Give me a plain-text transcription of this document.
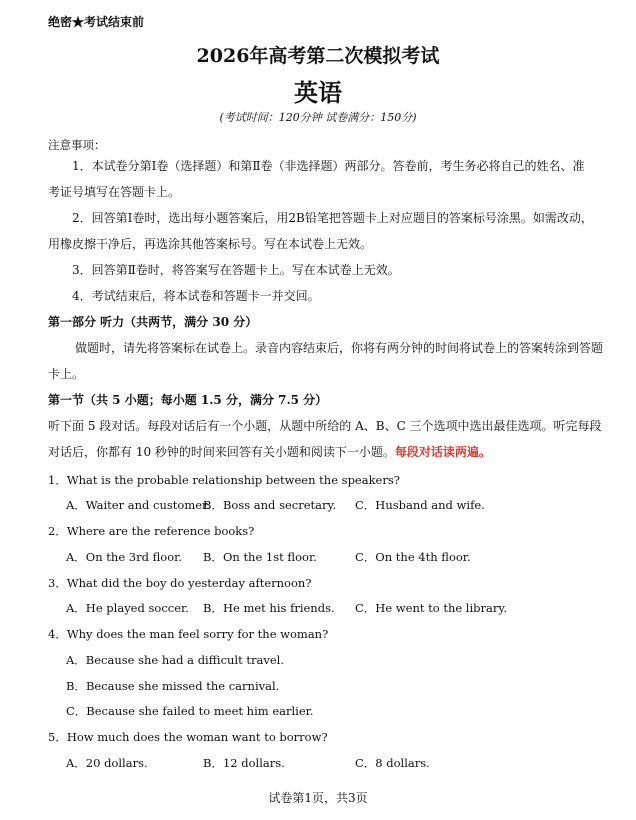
绝密★考试结束前
2026年高考第二次模拟考试
英语
(考试时间：120分钟 试卷满分：150分)
注意事项：
1．本试卷分第Ⅰ卷（选择题）和第Ⅱ卷（非选择题）两部分。答卷前，考生务必将自己的姓名、准
考证号填写在答题卡上。
2．回答第Ⅰ卷时，选出每小题答案后，用2B铅笔把答题卡上对应题目的答案标号涂黑。如需改动，
用橡皮擦干净后，再选涂其他答案标号。写在本试卷上无效。
3．回答第Ⅱ卷时，将答案写在答题卡上。写在本试卷上无效。
4．考试结束后，将本试卷和答题卡一并交回。
第一部分 听力（共两节，满分 30 分）
做题时，请先将答案标在试卷上。录音内容结束后，你将有两分钟的时间将试卷上的答案转涂到答题
卡上。
第一节（共 5 小题；每小题 1.5 分，满分 7.5 分）
听下面 5 段对话。每段对话后有一个小题，从题中所给的 A、B、C 三个选项中选出最佳选项。听完每段
对话后，你都有 10 秒钟的时间来回答有关小题和阅读下一小题。每段对话读两遍。
1．What is the probable relationship between the speakers?
A．Waiter and customer.
B．Boss and secretary. C．Husband and wife.
2．Where are the reference books?
A．On the 3rd floor. B．On the 1st floor.	C．On the 4th floor.
3．What did the boy do yesterday afternoon?
A．He played soccer. B．He met his friends. C．He went to the library.
4．Why does the man feel sorry for the woman?
A．Because she had a difficult travel.
B．Because she missed the carnival.
C．Because she failed to meet him earlier.
5．How much does the woman want to borrow?
A．20 dollars.	B．12 dollars.	C．8 dollars.
试卷第1页，共3页
